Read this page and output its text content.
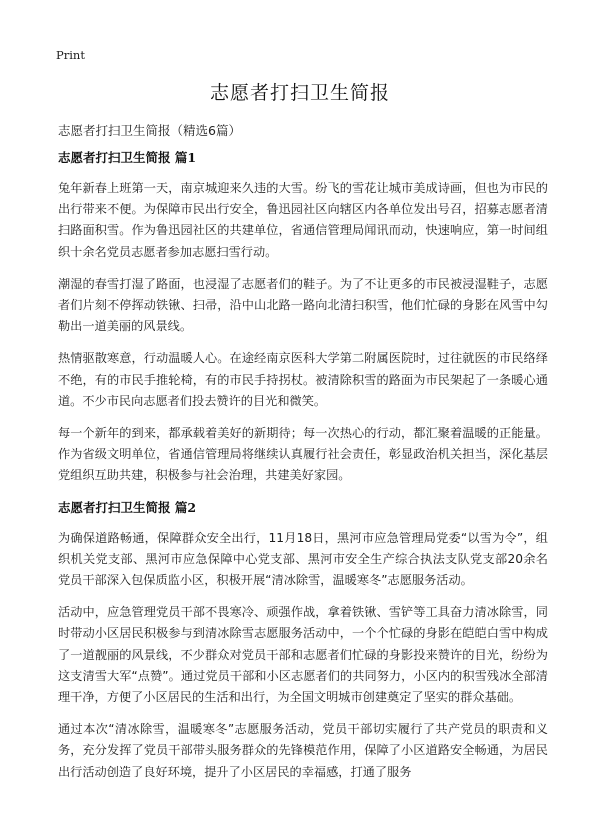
Print
志愿者打扫卫生简报

志愿者打扫卫生简报（精选6篇）

志愿者打扫卫生简报 篇1

兔年新春上班第一天，南京城迎来久违的大雪。纷飞的雪花让城市美成诗画，但也为市民的出行带来不便。为保障市民出行安全，鲁迅园社区向辖区内各单位发出号召，招募志愿者清扫路面积雪。作为鲁迅园社区的共建单位，省通信管理局闻讯而动，快速响应，第一时间组织十余名党员志愿者参加志愿扫雪行动。

潮湿的春雪打湿了路面，也浸湿了志愿者们的鞋子。为了不让更多的市民被浸湿鞋子，志愿者们片刻不停挥动铁锹、扫帚，沿中山北路一路向北清扫积雪，他们忙碌的身影在风雪中勾勒出一道美丽的风景线。

热情驱散寒意，行动温暖人心。在途经南京医科大学第二附属医院时，过往就医的市民络绎不绝，有的市民手推轮椅，有的市民手持拐杖。被清除积雪的路面为市民架起了一条暖心通道。不少市民向志愿者们投去赞许的目光和微笑。

每一个新年的到来，都承载着美好的新期待；每一次热心的行动，都汇聚着温暖的正能量。作为省级文明单位，省通信管理局将继续认真履行社会责任，彰显政治机关担当，深化基层党组织互助共建，积极参与社会治理，共建美好家园。

志愿者打扫卫生简报 篇2

为确保道路畅通，保障群众安全出行，11月18日，黑河市应急管理局党委“以雪为令”，组织机关党支部、黑河市应急保障中心党支部、黑河市安全生产综合执法支队党支部20余名党员干部深入包保质监小区，积极开展“清冰除雪，温暖寒冬”志愿服务活动。

活动中，应急管理党员干部不畏寒冷、顽强作战，拿着铁锹、雪铲等工具奋力清冰除雪，同时带动小区居民积极参与到清冰除雪志愿服务活动中，一个个忙碌的身影在皑皑白雪中构成了一道靓丽的风景线，不少群众对党员干部和志愿者们忙碌的身影投来赞许的目光，纷纷为这支清雪大军“点赞”。通过党员干部和小区志愿者们的共同努力，小区内的积雪残冰全部清理干净，方便了小区居民的生活和出行，为全国文明城市创建奠定了坚实的群众基础。

通过本次“清冰除雪，温暖寒冬”志愿服务活动，党员干部切实履行了共产党员的职责和义务，充分发挥了党员干部带头服务群众的先锋模范作用，保障了小区道路安全畅通，为居民出行活动创造了良好环境，提升了小区居民的幸福感，打通了服务
